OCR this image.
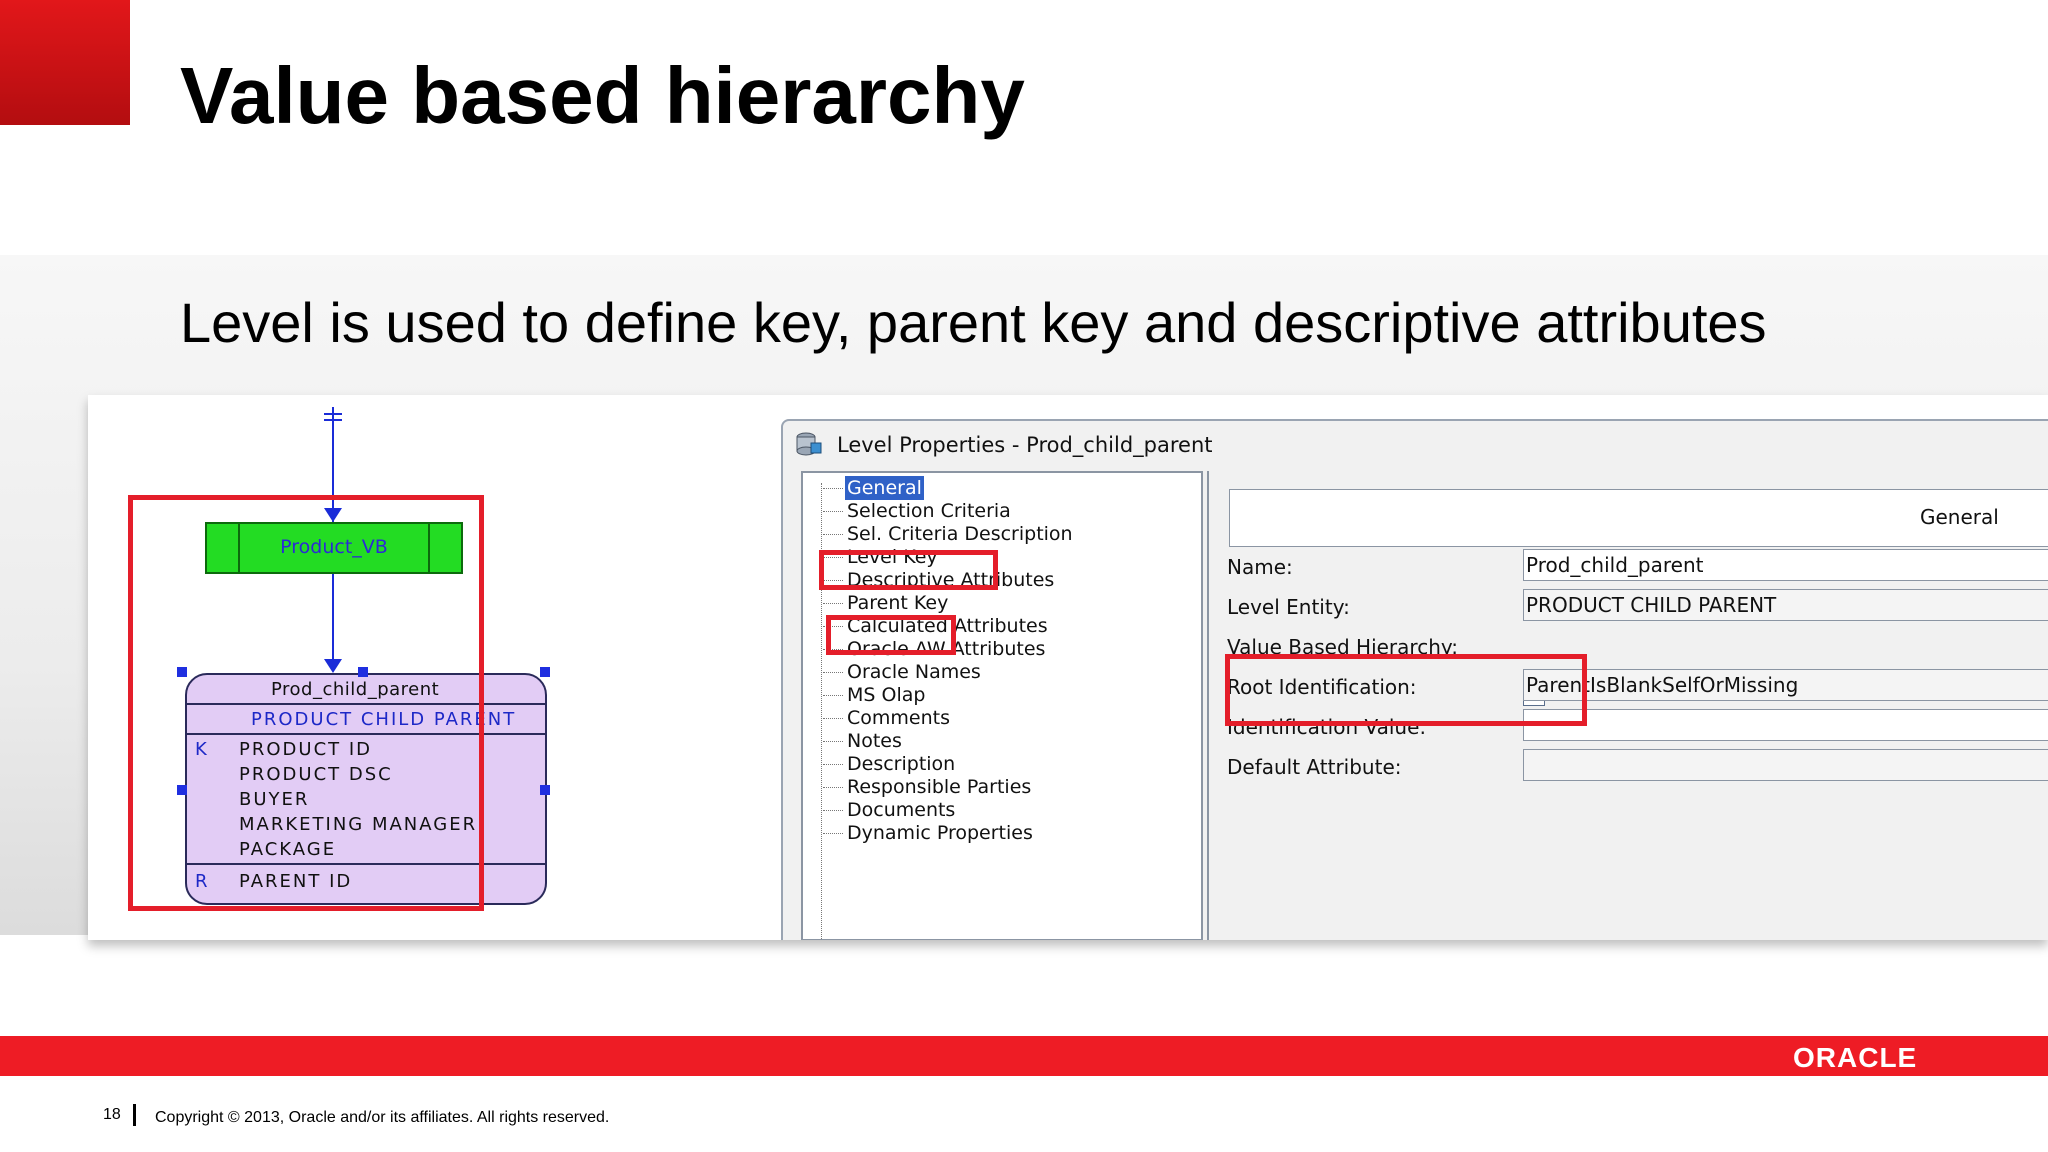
Value based hierarchy
Level is used to define key, parent key and descriptive attributes
Product_VB
Prod_child_parent
PRODUCT CHILD PARENT
K PRODUCT ID
PRODUCT DSC
BUYER
MARKETING MANAGER
PACKAGE
R PARENT ID
Level Properties - Prod_child_parent
General
Selection Criteria
Sel. Criteria Description
Level Key
Descriptive Attributes
Parent Key
Calculated Attributes
Oracle AW Attributes
Oracle Names
MS Olap
Comments
Notes
Description
Responsible Parties
Documents
Dynamic Properties
General
Name:	Prod_child_parent
Level Entity:	PRODUCT CHILD PARENT
Value Based Hierarchy:
Root Identification:	ParentIsBlankSelfOrMissing
Identification Value:
Default Attribute:
ORACLE
18 Copyright © 2013, Oracle and/or its affiliates. All rights reserved.
